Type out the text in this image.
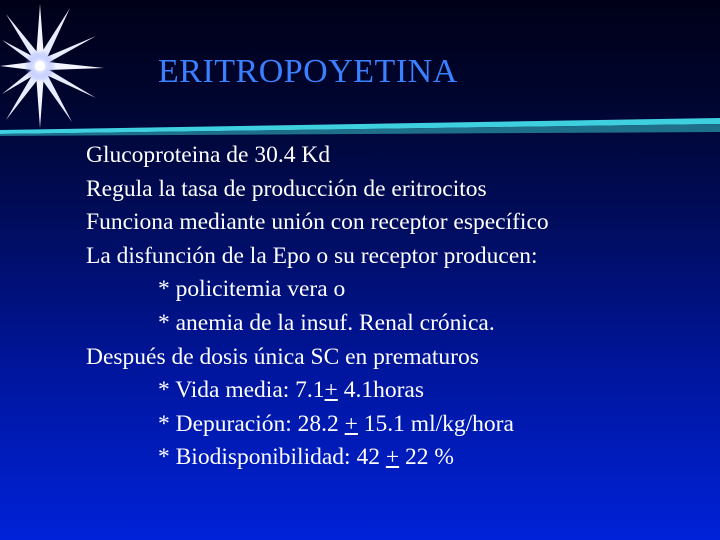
ERITROPOYETINA
Glucoproteina de 30.4 Kd
Regula la tasa de producción de eritrocitos
Funciona mediante unión con receptor específico
La disfunción de la Epo o su receptor producen:
* policitemia vera o
* anemia de la insuf. Renal crónica.
Después de dosis única SC en prematuros
* Vida media: 7.1+ 4.1horas
* Depuración: 28.2 + 15.1 ml/kg/hora
* Biodisponibilidad: 42 + 22 %
